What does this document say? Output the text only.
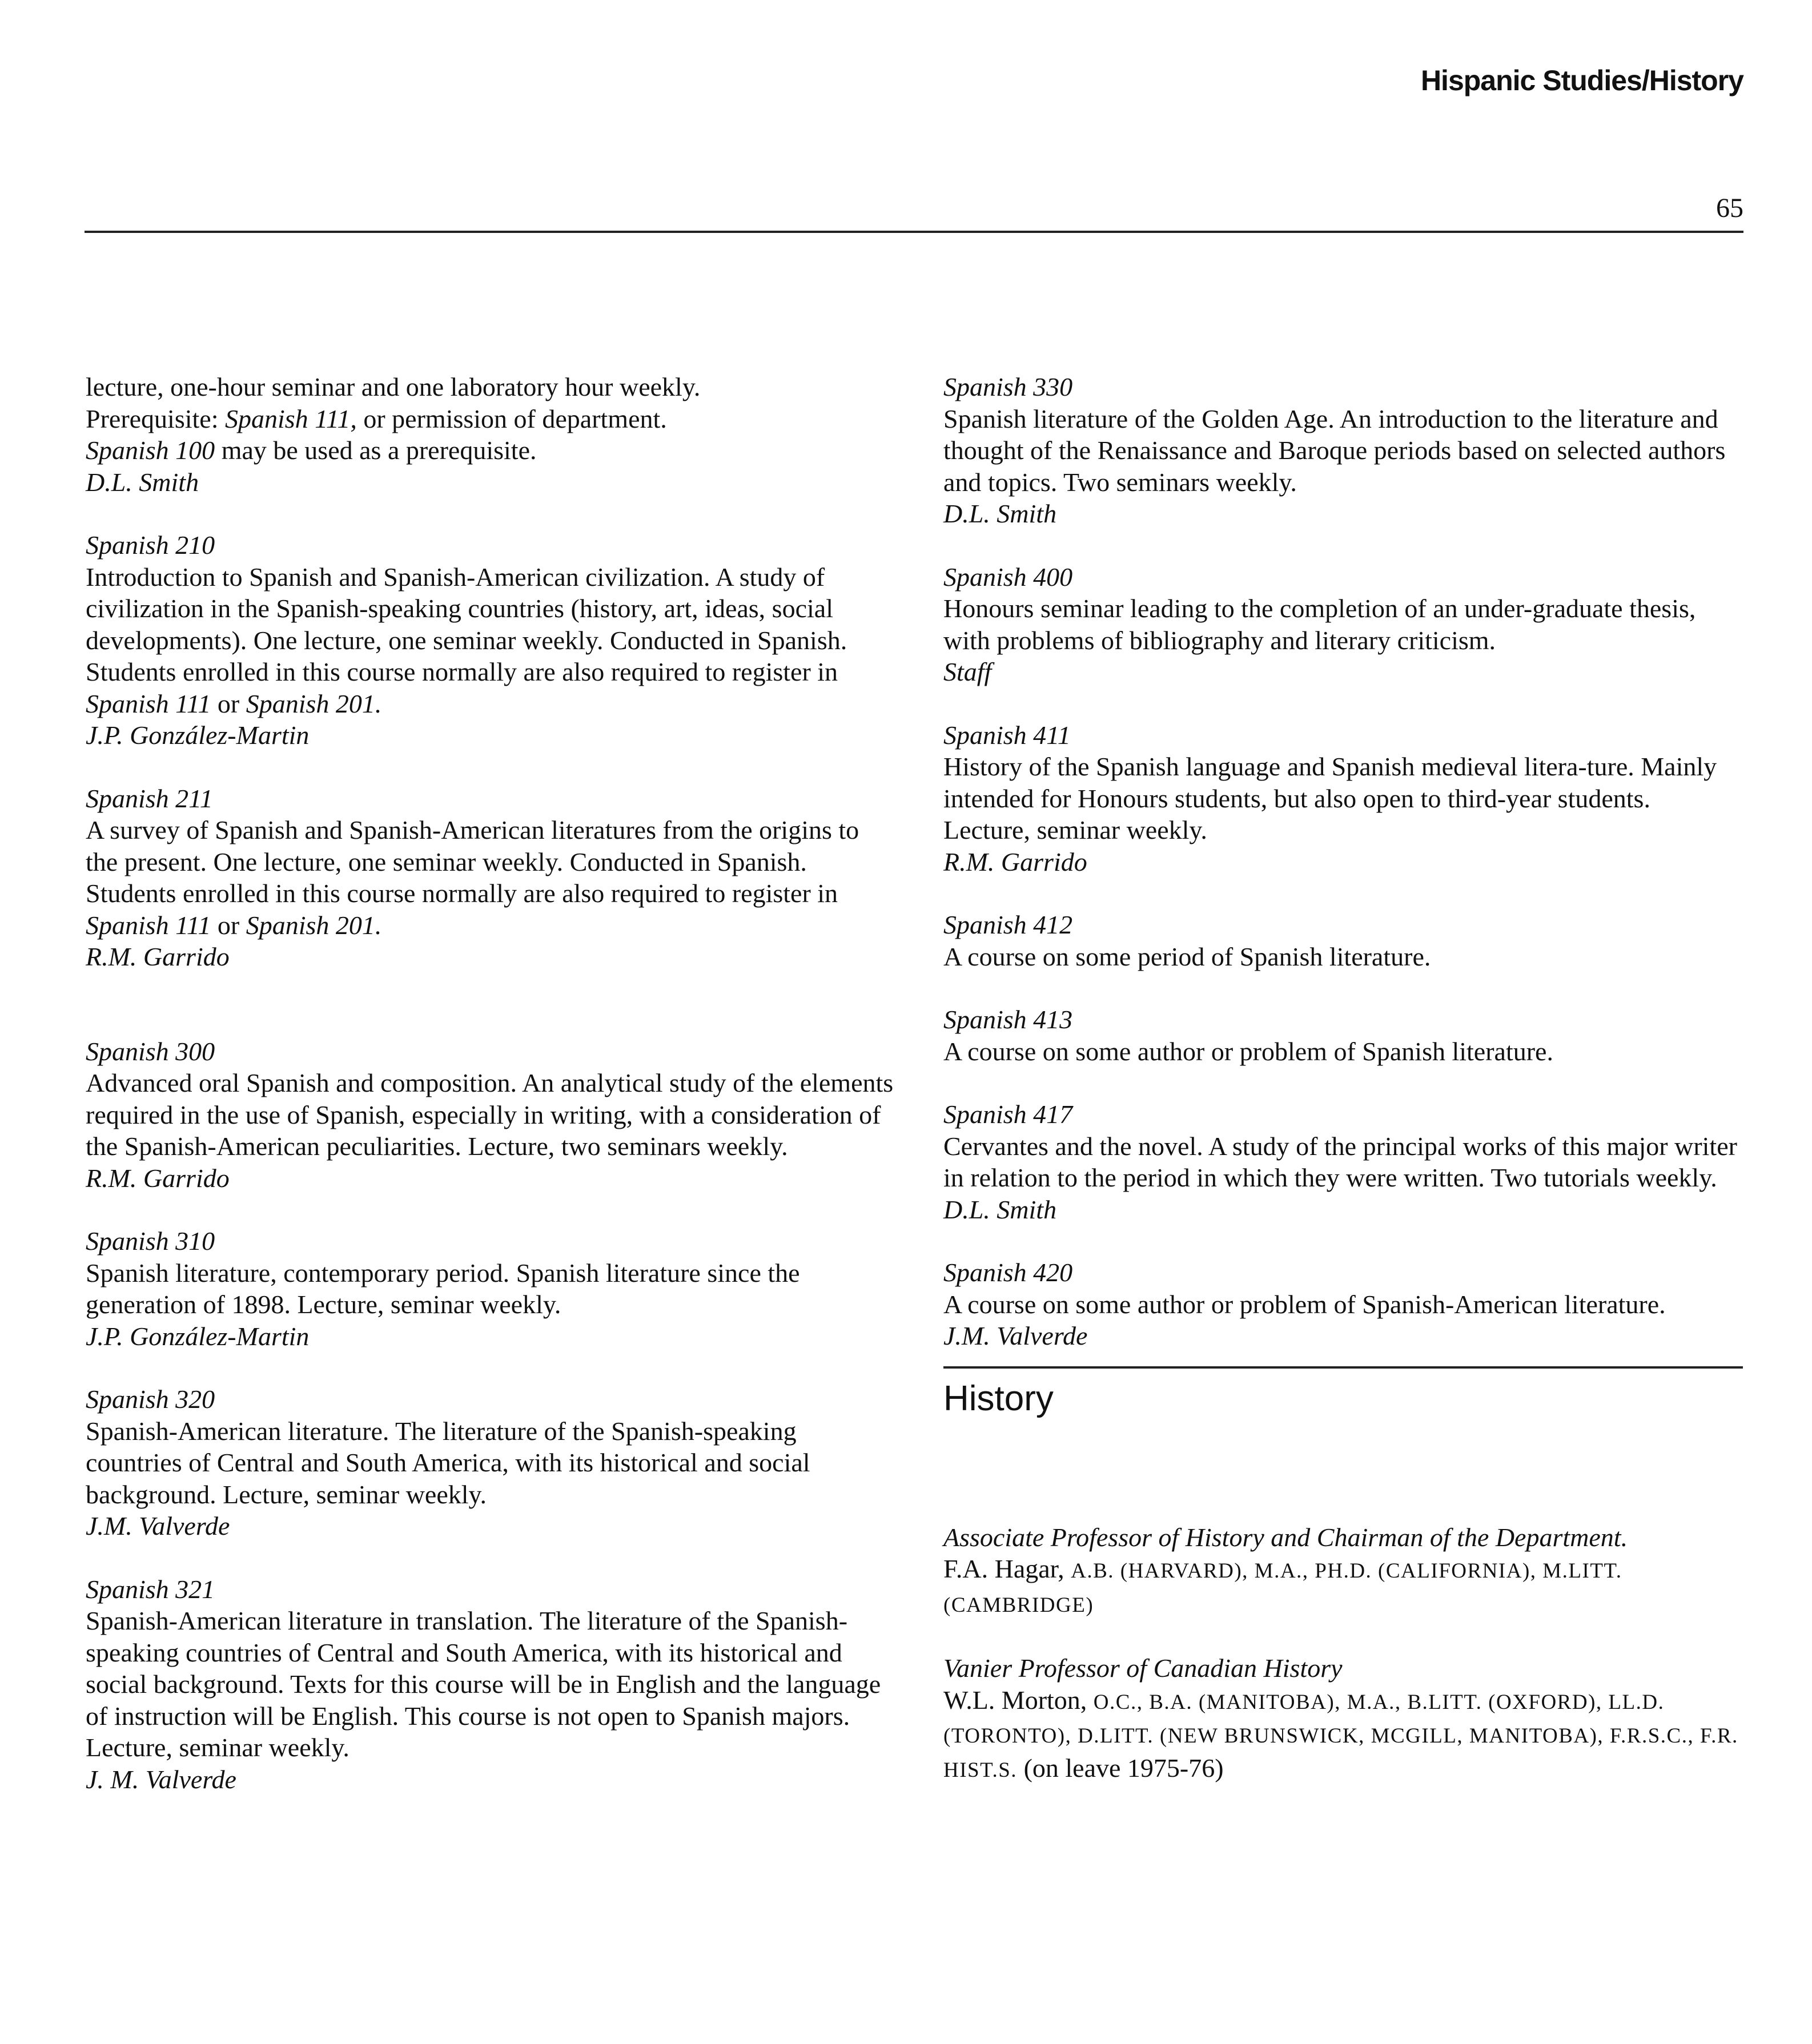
Hispanic Studies/History
65
lecture, one-hour seminar and one laboratory hour weekly.
Prerequisite: Spanish 111, or permission of department.
Spanish 100 may be used as a prerequisite.
D.L. Smith
Spanish 210
Introduction to Spanish and Spanish-American civilization. A study of civilization in the Spanish-speaking countries (history, art, ideas, social developments). One lecture, one seminar weekly. Conducted in Spanish. Students enrolled in this course normally are also required to register in Spanish 111 or Spanish 201.
J.P. González-Martin
Spanish 211
A survey of Spanish and Spanish-American literatures from the origins to the present. One lecture, one seminar weekly. Conducted in Spanish. Students enrolled in this course normally are also required to register in Spanish 111 or Spanish 201.
R.M. Garrido
Spanish 300
Advanced oral Spanish and composition. An analytical study of the elements required in the use of Spanish, especially in writing, with a consideration of the Spanish-American peculiarities. Lecture, two seminars weekly.
R.M. Garrido
Spanish 310
Spanish literature, contemporary period. Spanish literature since the generation of 1898. Lecture, seminar weekly.
J.P. González-Martin
Spanish 320
Spanish-American literature. The literature of the Spanish-speaking countries of Central and South America, with its historical and social background. Lecture, seminar weekly.
J.M. Valverde
Spanish 321
Spanish-American literature in translation. The literature of the Spanish-speaking countries of Central and South America, with its historical and social background. Texts for this course will be in English and the language of instruction will be English. This course is not open to Spanish majors. Lecture, seminar weekly.
J. M. Valverde
Spanish 330
Spanish literature of the Golden Age. An introduction to the literature and thought of the Renaissance and Baroque periods based on selected authors and topics. Two seminars weekly.
D.L. Smith
Spanish 400
Honours seminar leading to the completion of an under-graduate thesis, with problems of bibliography and literary criticism.
Staff
Spanish 411
History of the Spanish language and Spanish medieval litera-ture. Mainly intended for Honours students, but also open to third-year students. Lecture, seminar weekly.
R.M. Garrido
Spanish 412
A course on some period of Spanish literature.
Spanish 413
A course on some author or problem of Spanish literature.
Spanish 417
Cervantes and the novel. A study of the principal works of this major writer in relation to the period in which they were written. Two tutorials weekly.
D.L. Smith
Spanish 420
A course on some author or problem of Spanish-American literature.
J.M. Valverde
History
Associate Professor of History and Chairman of the Department.
F.A. Hagar, A.B. (HARVARD), M.A., PH.D. (CALIFORNIA), M.LITT. (CAMBRIDGE)
Vanier Professor of Canadian History
W.L. Morton, O.C., B.A. (MANITOBA), M.A., B.LITT. (OXFORD), LL.D. (TORONTO), D.LITT. (NEW BRUNSWICK, MCGILL, MANITOBA), F.R.S.C., F.R. HIST.S. (on leave 1975-76)
